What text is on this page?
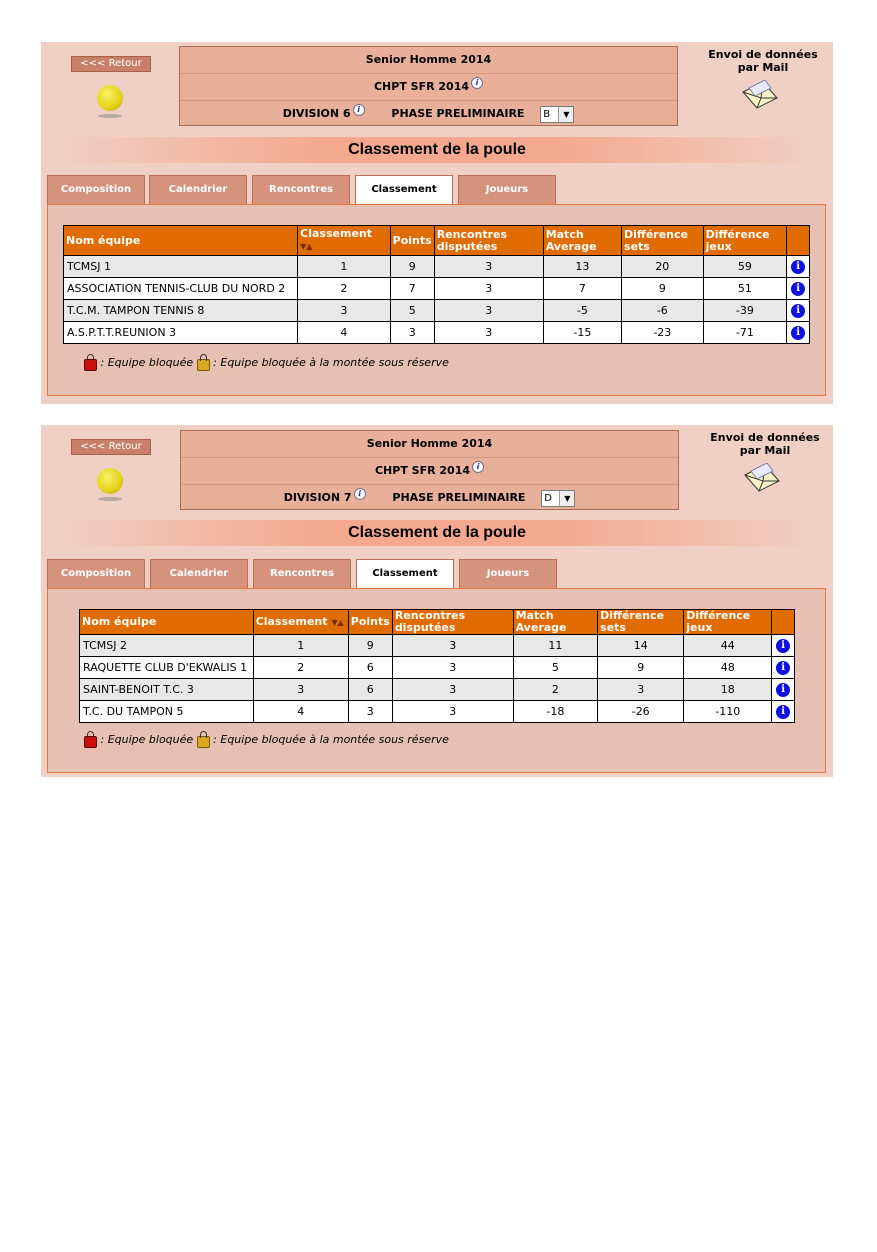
<<< Retour	Senior Homme 2014
CHPT SFR 2014 i
DIVISION 6 i	PHASE PRELIMINAIRE B	▼
Envoi de données
par Mail
Classement de la poule
Composition	Calendrier	Rencontres	Classement	Joueurs
Nom équipe	Classement ▼▲	Points	Rencontres disputées	Match Average	Différence sets	Différence jeux	
TCMSJ 1	1	9	3	13	20	59	i
ASSOCIATION TENNIS-CLUB DU NORD 2	2	7	3	7	9	51	i
T.C.M. TAMPON TENNIS 8	3	5	3	-5	-6	-39	i
A.S.P.T.T.REUNION 3	4	3	3	-15	-23	-71	i
: Equipe bloquée : Equipe bloquée à la montée sous réserve
<<< Retour	Senior Homme 2014
CHPT SFR 2014 i
DIVISION 7 i	PHASE PRELIMINAIRE D	▼
Envoi de données
par Mail
Classement de la poule
Composition	Calendrier	Rencontres	Classement	Joueurs
Nom équipe	Classement ▼▲	Points	Rencontres disputées	Match Average	Différence sets	Différence jeux	
TCMSJ 2	1	9	3	11	14	44	i
RAQUETTE CLUB D'EKWALIS 1	2	6	3	5	9	48	i
SAINT-BENOIT T.C. 3	3	6	3	2	3	18	i
T.C. DU TAMPON 5	4	3	3	-18	-26	-110	i
: Equipe bloquée : Equipe bloquée à la montée sous réserve
